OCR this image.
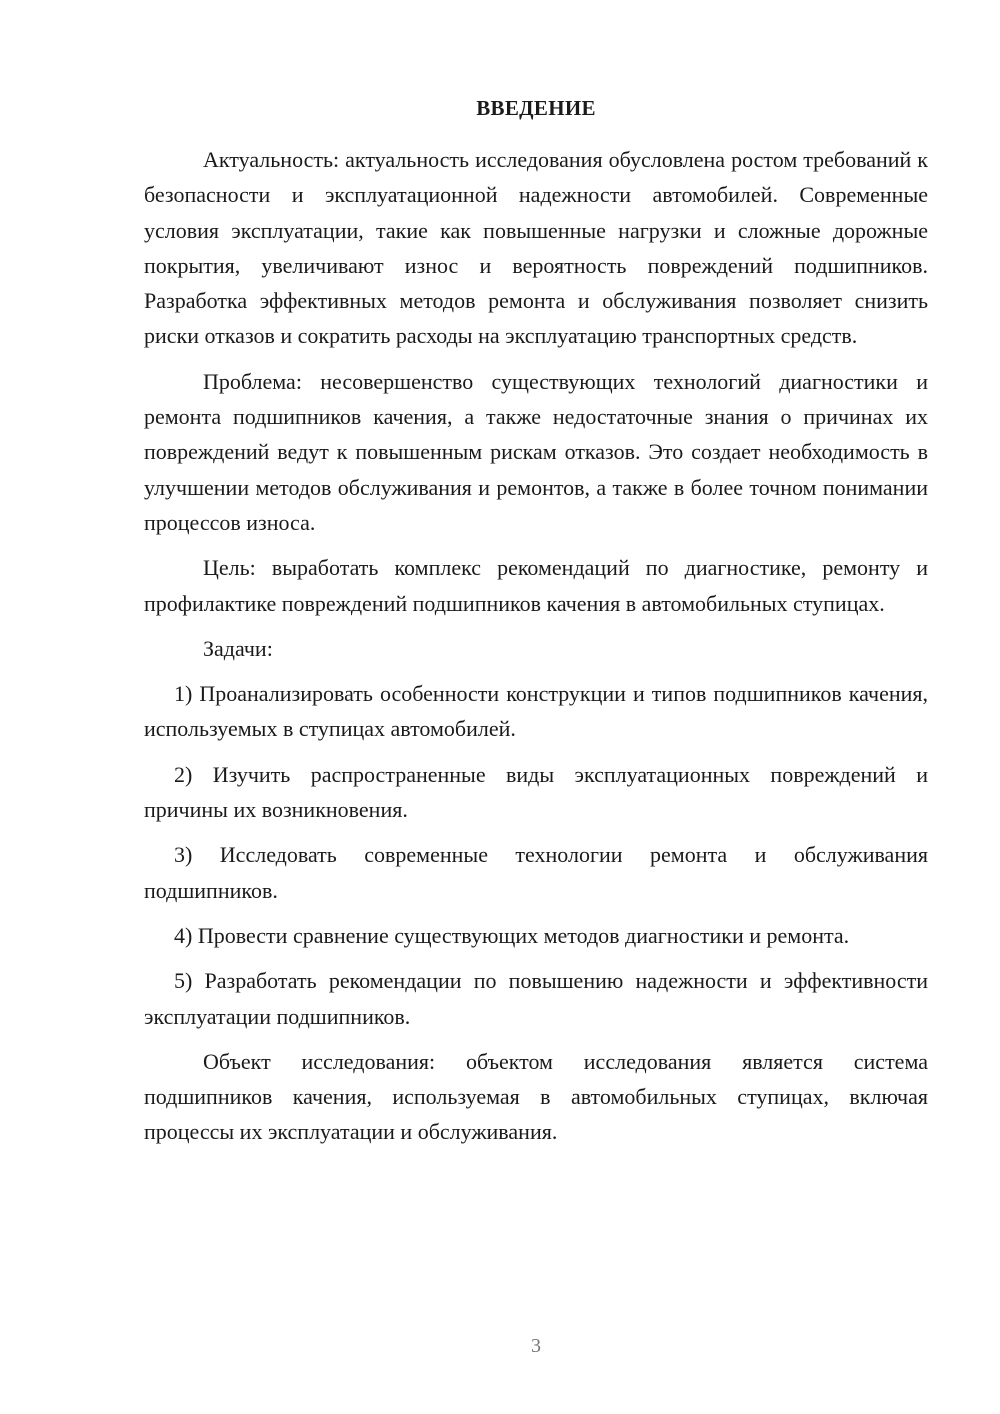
ВВЕДЕНИЕ

Актуальность: актуальность исследования обусловлена ростом требований к безопасности и эксплуатационной надежности автомобилей. Современные условия эксплуатации, такие как повышенные нагрузки и сложные дорожные покрытия, увеличивают износ и вероятность повреждений подшипников. Разработка эффективных методов ремонта и обслуживания позволяет снизить риски отказов и сократить расходы на эксплуатацию транспортных средств.

Проблема: несовершенство существующих технологий диагностики и ремонта подшипников качения, а также недостаточные знания о причинах их повреждений ведут к повышенным рискам отказов. Это создает необходимость в улучшении методов обслуживания и ремонтов, а также в более точном понимании процессов износа.

Цель: выработать комплекс рекомендаций по диагностике, ремонту и профилактике повреждений подшипников качения в автомобильных ступицах.

Задачи:

1) Проанализировать особенности конструкции и типов подшипников качения, используемых в ступицах автомобилей.

2) Изучить распространенные виды эксплуатационных повреждений и причины их возникновения.

3) Исследовать современные технологии ремонта и обслуживания подшипников.

4) Провести сравнение существующих методов диагностики и ремонта.

5) Разработать рекомендации по повышению надежности и эффективности эксплуатации подшипников.

Объект исследования: объектом исследования является система подшипников качения, используемая в автомобильных ступицах, включая процессы их эксплуатации и обслуживания.

3
